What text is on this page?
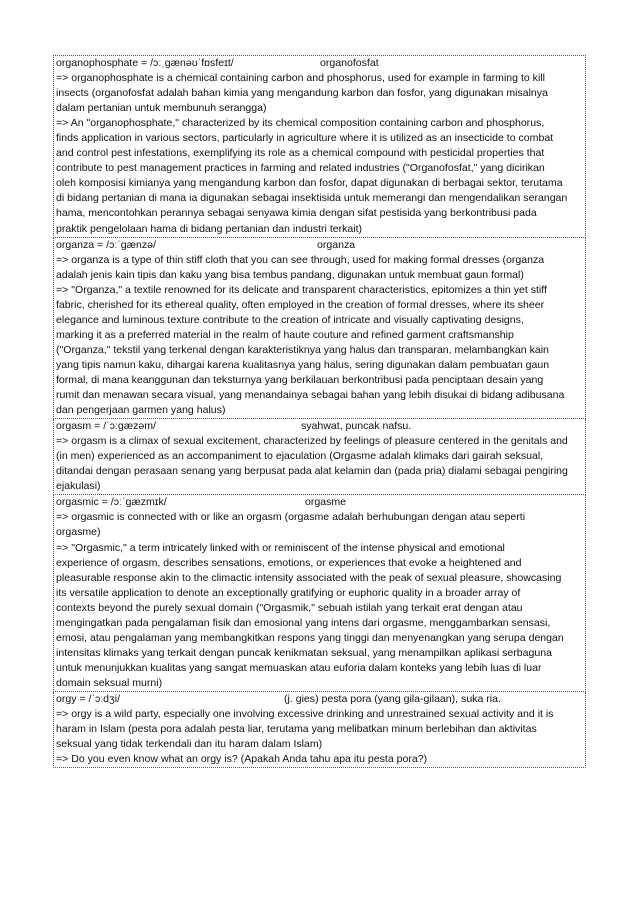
organophosphate = /ɔːˌɡænəʊˈfɒsfeɪt/	organofosfat
=> organophosphate is a chemical containing carbon and phosphorus, used for example in farming to kill
insects (organofosfat adalah bahan kimia yang mengandung karbon dan fosfor, yang digunakan misalnya
dalam pertanian untuk membunuh serangga)
=> An "organophosphate," characterized by its chemical composition containing carbon and phosphorus,
finds application in various sectors, particularly in agriculture where it is utilized as an insecticide to combat
and control pest infestations, exemplifying its role as a chemical compound with pesticidal properties that
contribute to pest management practices in farming and related industries ("Organofosfat," yang dicirikan
oleh komposisi kimianya yang mengandung karbon dan fosfor, dapat digunakan di berbagai sektor, terutama
di bidang pertanian di mana ia digunakan sebagai insektisida untuk memerangi dan mengendalikan serangan
hama, mencontohkan perannya sebagai senyawa kimia dengan sifat pestisida yang berkontribusi pada
praktik pengelolaan hama di bidang pertanian dan industri terkait)
organza = /ɔːˈɡænzə/	organza
=> organza is a type of thin stiff cloth that you can see through, used for making formal dresses (organza
adalah jenis kain tipis dan kaku yang bisa tembus pandang, digunakan untuk membuat gaun formal)
=> "Organza," a textile renowned for its delicate and transparent characteristics, epitomizes a thin yet stiff
fabric, cherished for its ethereal quality, often employed in the creation of formal dresses, where its sheer
elegance and luminous texture contribute to the creation of intricate and visually captivating designs,
marking it as a preferred material in the realm of haute couture and refined garment craftsmanship
("Organza," tekstil yang terkenal dengan karakteristiknya yang halus dan transparan, melambangkan kain
yang tipis namun kaku, dihargai karena kualitasnya yang halus, sering digunakan dalam pembuatan gaun
formal, di mana keanggunan dan teksturnya yang berkilauan berkontribusi pada penciptaan desain yang
rumit dan menawan secara visual, yang menandainya sebagai bahan yang lebih disukai di bidang adibusana
dan pengerjaan garmen yang halus)
orgasm = /ˈɔːɡæzəm/	syahwat, puncak nafsu.
=> orgasm is a climax of sexual excitement, characterized by feelings of pleasure centered in the genitals and
(in men) experienced as an accompaniment to ejaculation (Orgasme adalah klimaks dari gairah seksual,
ditandai dengan perasaan senang yang berpusat pada alat kelamin dan (pada pria) dialami sebagai pengiring
ejakulasi)
orgasmic = /ɔːˈɡæzmɪk/	orgasme
=> orgasmic is connected with or like an orgasm (orgasme adalah berhubungan dengan atau seperti
orgasme)
=> "Orgasmic," a term intricately linked with or reminiscent of the intense physical and emotional
experience of orgasm, describes sensations, emotions, or experiences that evoke a heightened and
pleasurable response akin to the climactic intensity associated with the peak of sexual pleasure, showcasing
its versatile application to denote an exceptionally gratifying or euphoric quality in a broader array of
contexts beyond the purely sexual domain ("Orgasmik," sebuah istilah yang terkait erat dengan atau
mengingatkan pada pengalaman fisik dan emosional yang intens dari orgasme, menggambarkan sensasi,
emosi, atau pengalaman yang membangkitkan respons yang tinggi dan menyenangkan yang serupa dengan
intensitas klimaks yang terkait dengan puncak kenikmatan seksual, yang menampilkan aplikasi serbaguna
untuk menunjukkan kualitas yang sangat memuaskan atau euforia dalam konteks yang lebih luas di luar
domain seksual murni)
orgy = /ˈɔːdʒi/	(j. gies) pesta pora (yang gila-gilaan), suka ria.
=> orgy is a wild party, especially one involving excessive drinking and unrestrained sexual activity and it is
haram in Islam (pesta pora adalah pesta liar, terutama yang melibatkan minum berlebihan dan aktivitas
seksual yang tidak terkendali dan itu haram dalam Islam)
=> Do you even know what an orgy is? (Apakah Anda tahu apa itu pesta pora?)
